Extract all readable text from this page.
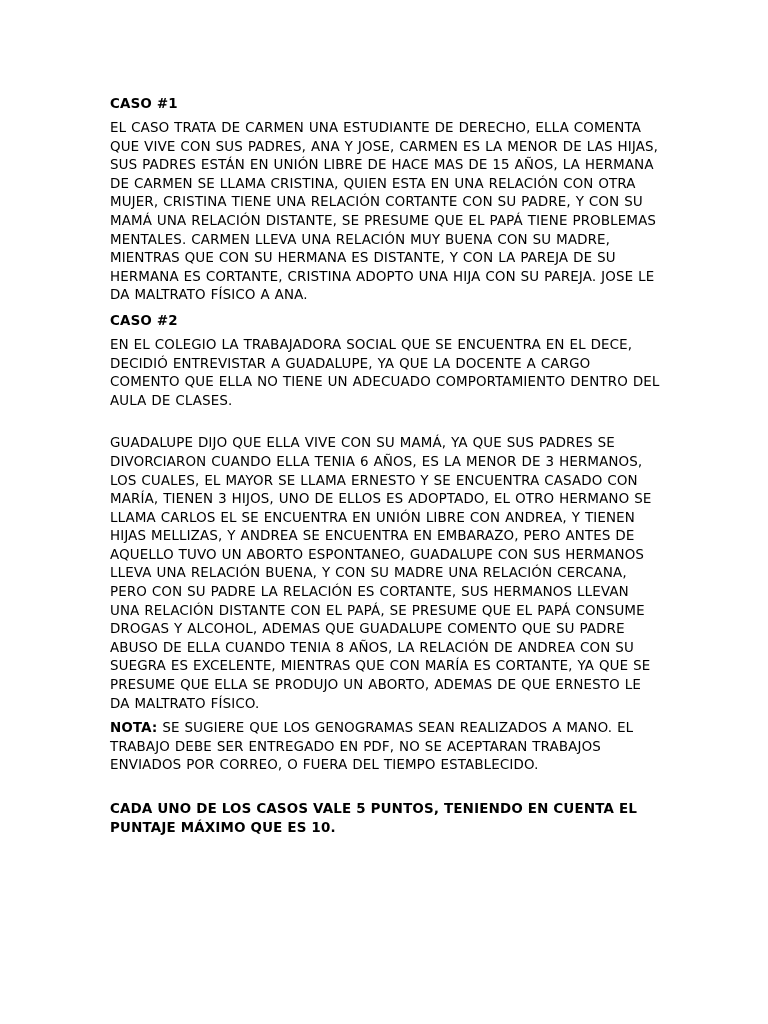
CASO #1

EL CASO TRATA DE CARMEN UNA ESTUDIANTE DE DERECHO, ELLA COMENTA QUE VIVE CON SUS PADRES, ANA Y JOSE, CARMEN ES LA MENOR DE LAS HIJAS, SUS PADRES ESTÁN EN UNIÓN LIBRE DE HACE MAS DE 15 AÑOS, LA HERMANA DE CARMEN SE LLAMA CRISTINA, QUIEN ESTA EN UNA RELACIÓN CON OTRA MUJER, CRISTINA TIENE UNA RELACIÓN CORTANTE CON SU PADRE, Y CON SU MAMÁ UNA RELACIÓN DISTANTE, SE PRESUME QUE EL PAPÁ TIENE PROBLEMAS MENTALES. CARMEN LLEVA UNA RELACIÓN MUY BUENA CON SU MADRE, MIENTRAS QUE CON SU HERMANA ES DISTANTE, Y CON LA PAREJA DE SU HERMANA ES CORTANTE, CRISTINA ADOPTO UNA HIJA CON SU PAREJA. JOSE LE DA MALTRATO FÍSICO A ANA.

CASO #2

EN EL COLEGIO LA TRABAJADORA SOCIAL QUE SE ENCUENTRA EN EL DECE, DECIDIÓ ENTREVISTAR A GUADALUPE, YA QUE LA DOCENTE A CARGO COMENTO QUE ELLA NO TIENE UN ADECUADO COMPORTAMIENTO DENTRO DEL AULA DE CLASES.

GUADALUPE DIJO QUE ELLA VIVE CON SU MAMÁ, YA QUE SUS PADRES SE DIVORCIARON CUANDO ELLA TENIA 6 AÑOS, ES LA MENOR DE 3 HERMANOS, LOS CUALES, EL MAYOR SE LLAMA ERNESTO Y SE ENCUENTRA CASADO CON MARÍA, TIENEN 3 HIJOS, UNO DE ELLOS ES ADOPTADO, EL OTRO HERMANO SE LLAMA CARLOS EL SE ENCUENTRA EN UNIÓN LIBRE CON ANDREA, Y TIENEN HIJAS MELLIZAS, Y ANDREA SE ENCUENTRA EN EMBARAZO, PERO ANTES DE AQUELLO TUVO UN ABORTO ESPONTANEO, GUADALUPE CON SUS HERMANOS LLEVA UNA RELACIÓN BUENA, Y CON SU MADRE UNA RELACIÓN CERCANA, PERO CON SU PADRE LA RELACIÓN ES CORTANTE, SUS HERMANOS LLEVAN UNA RELACIÓN DISTANTE CON EL PAPÁ, SE PRESUME QUE EL PAPÁ CONSUME DROGAS Y ALCOHOL, ADEMAS QUE GUADALUPE COMENTO QUE SU PADRE ABUSO DE ELLA CUANDO TENIA 8 AÑOS, LA RELACIÓN DE ANDREA CON SU SUEGRA ES EXCELENTE, MIENTRAS QUE CON MARÍA ES CORTANTE, YA QUE SE PRESUME QUE ELLA SE PRODUJO UN ABORTO, ADEMAS DE QUE ERNESTO LE DA MALTRATO FÍSICO.

NOTA: SE SUGIERE QUE LOS GENOGRAMAS SEAN REALIZADOS A MANO. EL TRABAJO DEBE SER ENTREGADO EN PDF, NO SE ACEPTARAN TRABAJOS ENVIADOS POR CORREO, O FUERA DEL TIEMPO ESTABLECIDO.

CADA UNO DE LOS CASOS VALE 5 PUNTOS, TENIENDO EN CUENTA EL PUNTAJE MÁXIMO QUE ES 10.
